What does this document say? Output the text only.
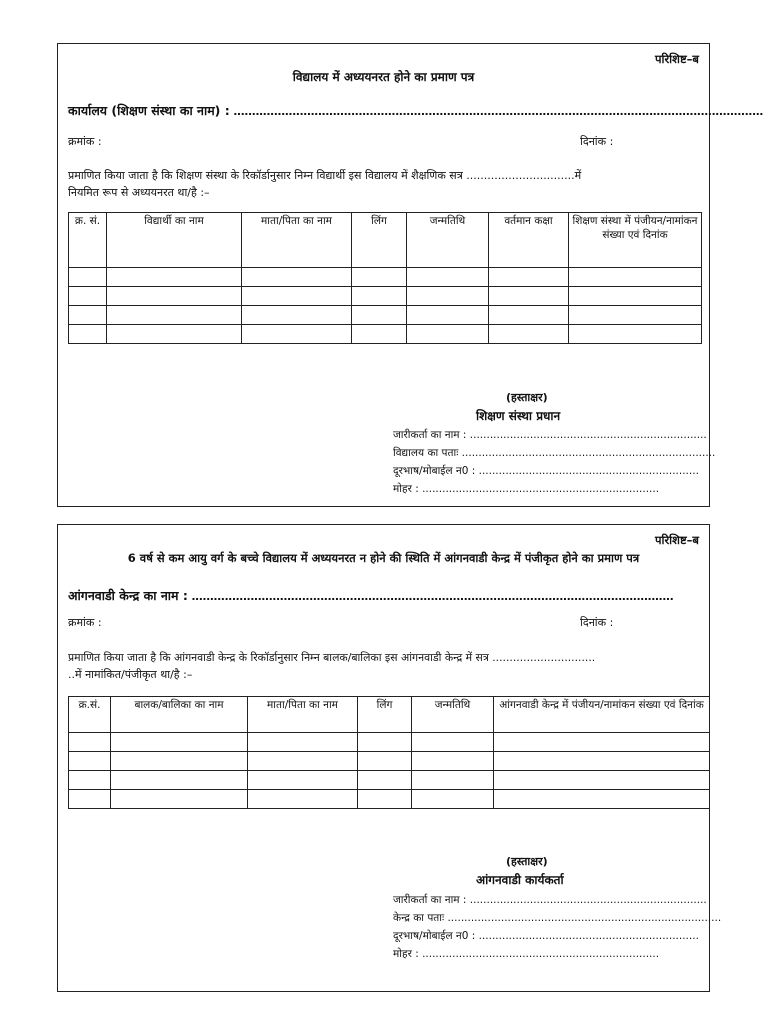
परिशिष्ट–ब
विद्यालय में अध्ययनरत होने का प्रमाण पत्र
कार्यालय (शिक्षण संस्था का नाम) : ................................................................................................................................................
क्रमांक :	दिनांक :
प्रमाणित किया जाता है कि शिक्षण संस्था के रिकॉर्डानुसार निम्न विद्यार्थी इस विद्यालय में शैक्षणिक सत्र ...............................में
नियमित रूप से अध्ययनरत था/है :–
क्र. सं.	विद्यार्थी का नाम	माता/पिता का नाम	लिंग	जन्मतिथि	वर्तमान कक्षा	शिक्षण संस्था में पंजीयन/नामांकन संख्या एवं दिनांक

(हस्ताक्षर)
शिक्षण संस्था प्रधान
जारीकर्ता का नाम : .......................................................................
विद्यालय का पताः ............................................................................
दूरभाष/मोबाईल न0 : ..................................................................
मोहर : .......................................................................
परिशिष्ट–ब
6 वर्ष से कम आयु वर्ग के बच्चे विद्यालय में अध्ययनरत न होने की स्थिति में आंगनवाडी केन्द्र में पंजीकृत होने का प्रमाण पत्र
आंगनवाडी केन्द्र का नाम : ...................................................................................................................................
क्रमांक :	दिनांक :
प्रमाणित किया जाता है कि आंगनवाडी केन्द्र के रिकॉर्डानुसार निम्न बालक/बालिका इस आंगनवाडी केन्द्र में सत्र ..............................
..में नामांकित/पंजीकृत था/है :–
क्र.सं.	बालक/बालिका का नाम	माता/पिता का नाम	लिंग	जन्मतिथि	आंगनवाडी केन्द्र में पंजीयन/नामांकन संख्या एवं दिनांक

(हस्ताक्षर)
आंगनवाडी कार्यकर्ता
जारीकर्ता का नाम : .......................................................................
केन्द्र का पताः ..................................................................................
दूरभाष/मोबाईल न0 : ..................................................................
मोहर : .......................................................................
